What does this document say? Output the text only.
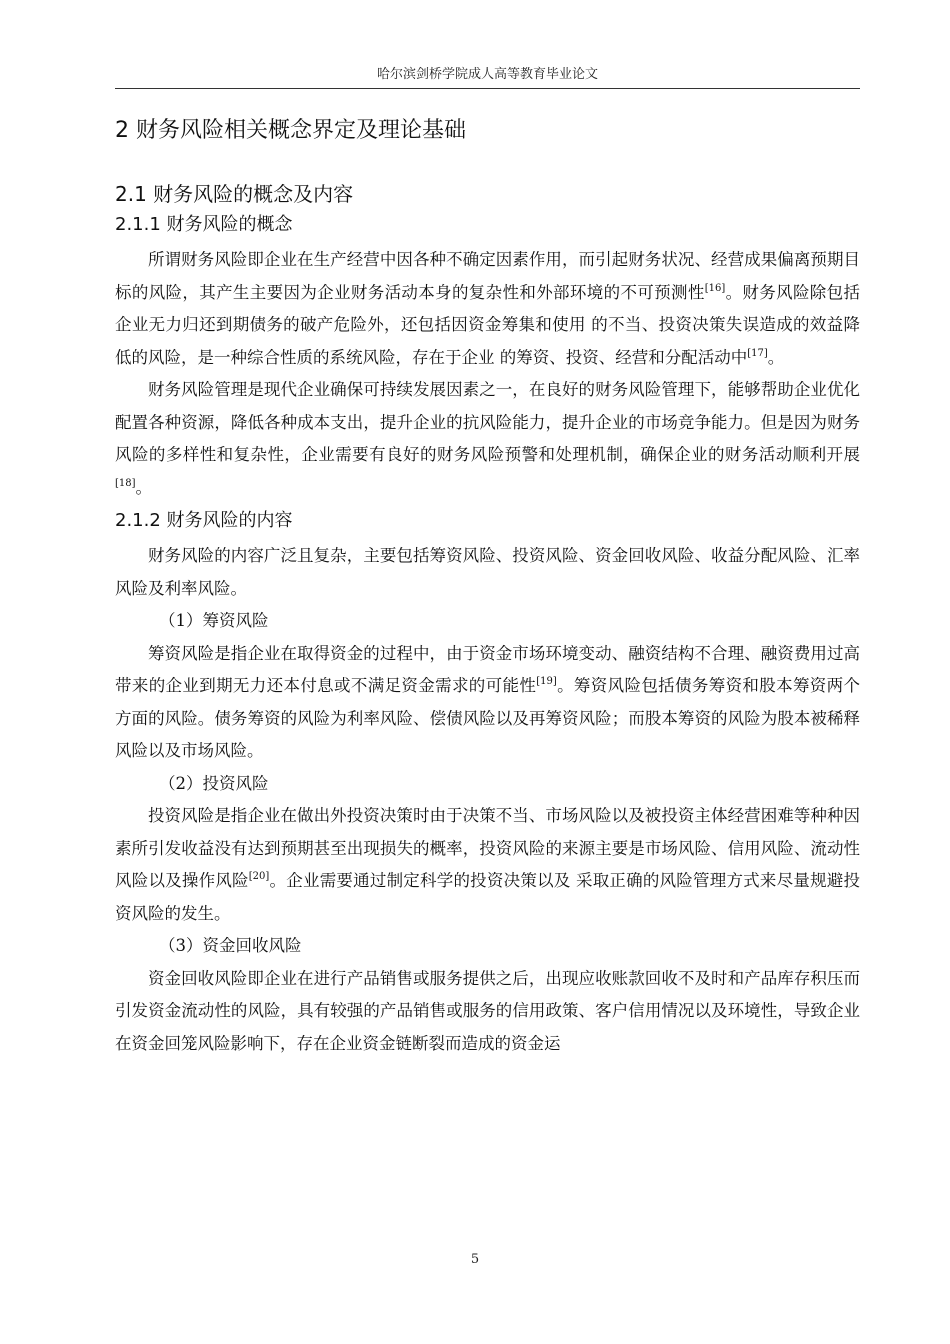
哈尔滨剑桥学院成人高等教育毕业论文
2 财务风险相关概念界定及理论基础
2.1 财务风险的概念及内容
2.1.1 财务风险的概念

所谓财务风险即企业在生产经营中因各种不确定因素作用，而引起财务状况、经营成果偏离预期目标的风险，其产生主要因为企业财务活动本身的复杂性和外部环境的不可预测性[16]。财务风险除包括企业无力归还到期债务的破产危险外，还包括因资金筹集和使用 的不当、投资决策失误造成的效益降低的风险，是一种综合性质的系统风险，存在于企业 的筹资、投资、经营和分配活动中[17]。

财务风险管理是现代企业确保可持续发展因素之一，在良好的财务风险管理下，能够帮助企业优化配置各种资源，降低各种成本支出，提升企业的抗风险能力，提升企业的市场竞争能力。但是因为财务风险的多样性和复杂性，企业需要有良好的财务风险预警和处理机制，确保企业的财务活动顺利开展[18]。

2.1.2 财务风险的内容

财务风险的内容广泛且复杂，主要包括筹资风险、投资风险、资金回收风险、收益分配风险、汇率风险及利率风险。

（1）筹资风险

筹资风险是指企业在取得资金的过程中，由于资金市场环境变动、融资结构不合理、融资费用过高带来的企业到期无力还本付息或不满足资金需求的可能性[19]。筹资风险包括债务筹资和股本筹资两个方面的风险。债务筹资的风险为利率风险、偿债风险以及再筹资风险；而股本筹资的风险为股本被稀释风险以及市场风险。

（2）投资风险

投资风险是指企业在做出外投资决策时由于决策不当、市场风险以及被投资主体经营困难等种种因素所引发收益没有达到预期甚至出现损失的概率，投资风险的来源主要是市场风险、信用风险、流动性风险以及操作风险[20]。企业需要通过制定科学的投资决策以及 采取正确的风险管理方式来尽量规避投资风险的发生。

（3）资金回收风险

资金回收风险即企业在进行产品销售或服务提供之后，出现应收账款回收不及时和产品库存积压而引发资金流动性的风险，具有较强的产品销售或服务的信用政策、客户信用情况以及环境性，导致企业在资金回笼风险影响下，存在企业资金链断裂而造成的资金运

5
